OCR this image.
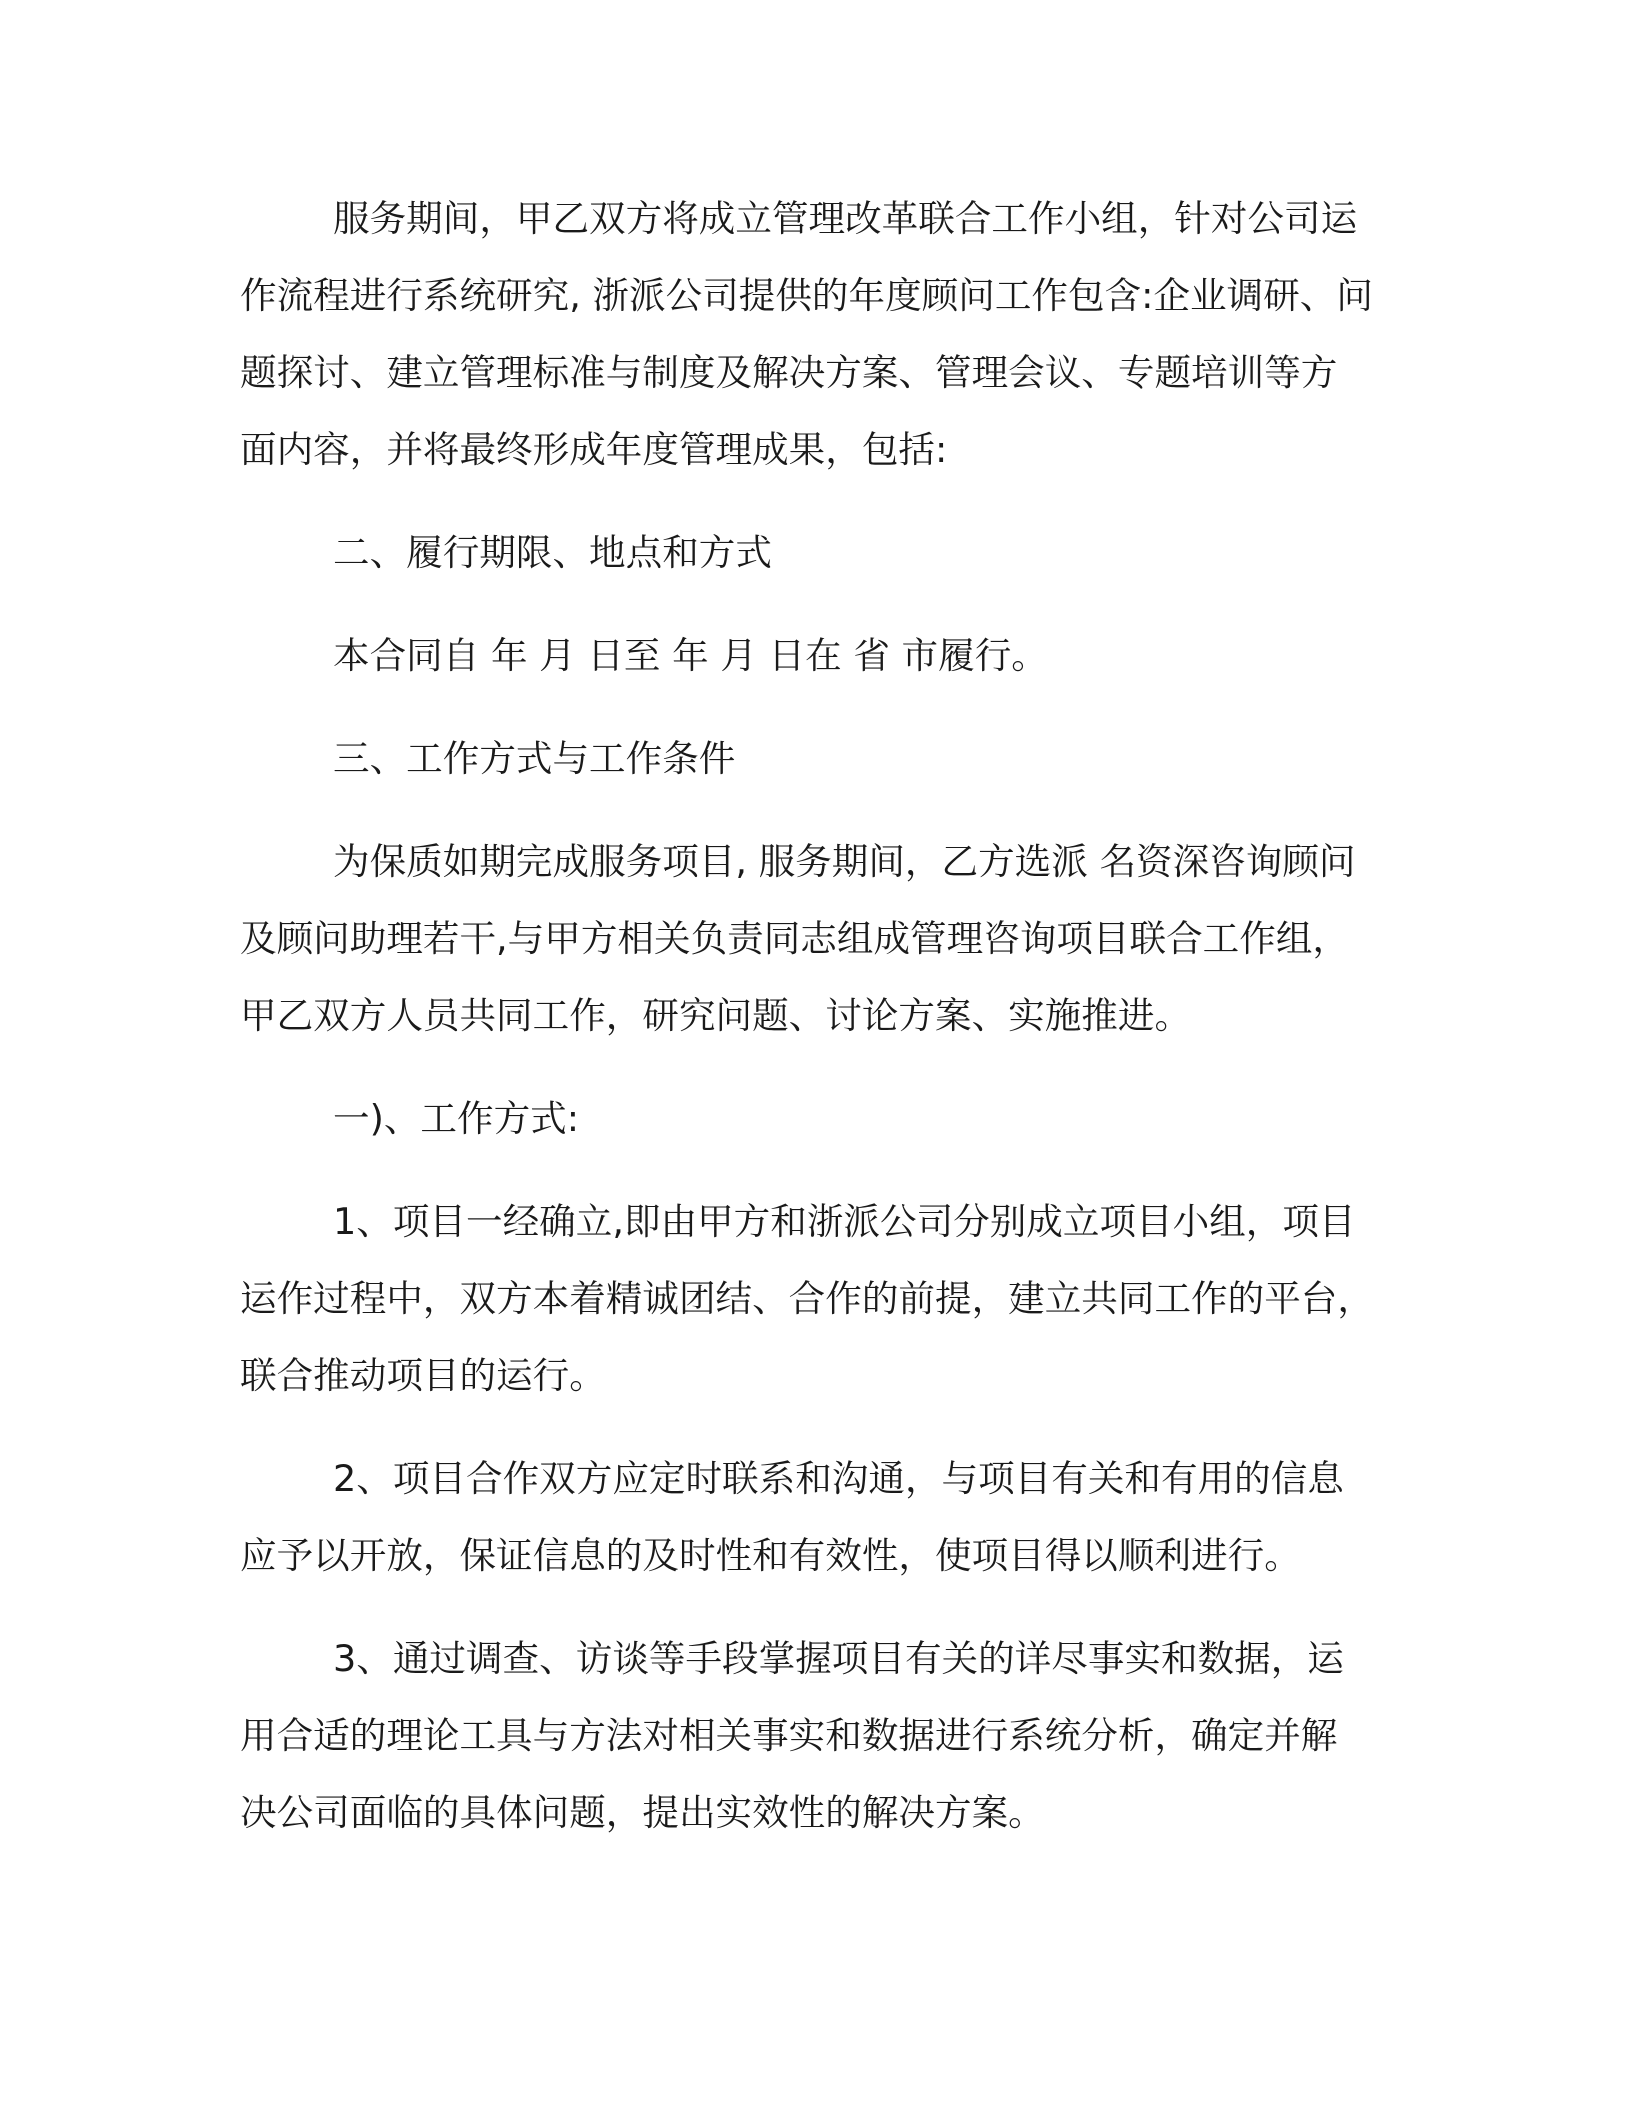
服务期间，甲乙双方将成立管理改革联合工作小组，针对公司运
作流程进行系统研究, 浙派公司提供的年度顾问工作包含:企业调研、问
题探讨、建立管理标准与制度及解决方案、管理会议、专题培训等方
面内容，并将最终形成年度管理成果，包括:
二、履行期限、地点和方式
本合同自 年 月 日至 年 月 日在 省 市履行。
三、工作方式与工作条件
为保质如期完成服务项目, 服务期间，乙方选派 名资深咨询顾问
及顾问助理若干,与甲方相关负责同志组成管理咨询项目联合工作组，
甲乙双方人员共同工作，研究问题、讨论方案、实施推进。
一)、工作方式:
1、项目一经确立,即由甲方和浙派公司分别成立项目小组，项目
运作过程中，双方本着精诚团结、合作的前提，建立共同工作的平台，
联合推动项目的运行。
2、项目合作双方应定时联系和沟通，与项目有关和有用的信息
应予以开放，保证信息的及时性和有效性，使项目得以顺利进行。
3、通过调查、访谈等手段掌握项目有关的详尽事实和数据，运
用合适的理论工具与方法对相关事实和数据进行系统分析，确定并解
决公司面临的具体问题，提出实效性的解决方案。
